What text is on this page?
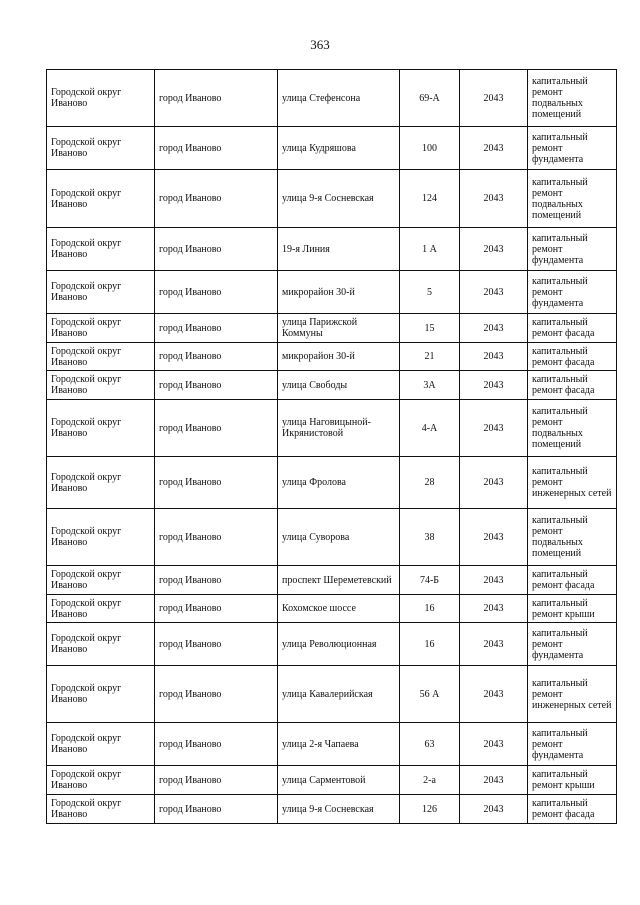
363
Городской округ Иваново	город Иваново	улица Стефенсона	69-А	2043	капитальный ремонт подвальных помещений
Городской округ Иваново	город Иваново	улица Кудряшова	100	2043	капитальный ремонт фундамента
Городской округ Иваново	город Иваново	улица 9-я Сосневская	124	2043	капитальный ремонт подвальных помещений
Городской округ Иваново	город Иваново	19-я Линия	1 А	2043	капитальный ремонт фундамента
Городской округ Иваново	город Иваново	микрорайон 30-й	5	2043	капитальный ремонт фундамента
Городской округ Иваново	город Иваново	улица Парижской Коммуны	15	2043	капитальный ремонт фасада
Городской округ Иваново	город Иваново	микрорайон 30-й	21	2043	капитальный ремонт фасада
Городской округ Иваново	город Иваново	улица Свободы	3А	2043	капитальный ремонт фасада
Городской округ Иваново	город Иваново	улица Наговицыной-Икрянистовой	4-А	2043	капитальный ремонт подвальных помещений
Городской округ Иваново	город Иваново	улица Фролова	28	2043	капитальный ремонт инженерных сетей
Городской округ Иваново	город Иваново	улица Суворова	38	2043	капитальный ремонт подвальных помещений
Городской округ Иваново	город Иваново	проспект Шереметевский	74-Б	2043	капитальный ремонт фасада
Городской округ Иваново	город Иваново	Кохомское шоссе	16	2043	капитальный ремонт крыши
Городской округ Иваново	город Иваново	улица Революционная	16	2043	капитальный ремонт фундамента
Городской округ Иваново	город Иваново	улица Кавалерийская	56 А	2043	капитальный ремонт инженерных сетей
Городской округ Иваново	город Иваново	улица 2-я Чапаева	63	2043	капитальный ремонт фундамента
Городской округ Иваново	город Иваново	улица Сарментовой	2-а	2043	капитальный ремонт крыши
Городской округ Иваново	город Иваново	улица 9-я Сосневская	126	2043	капитальный ремонт фасада
